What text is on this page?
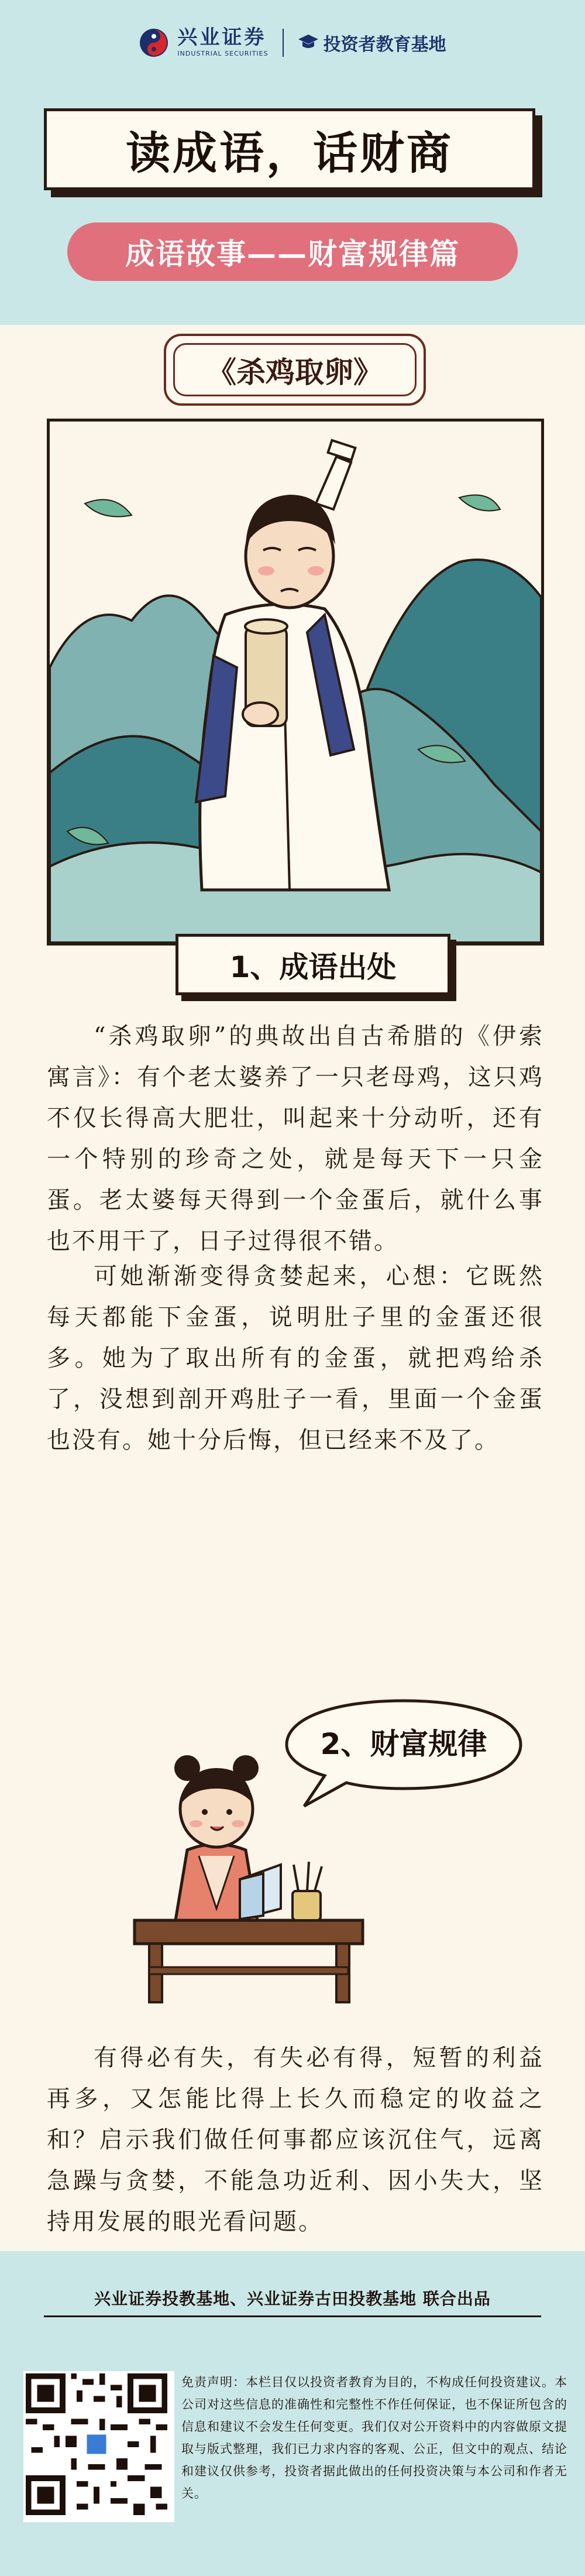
兴业证券
INDUSTRIAL SECURITIES	投资者教育基地
读成语，话财商
成语故事——财富规律篇
《杀鸡取卵》
1、成语出处
“杀鸡取卵”的典故出自古希腊的《伊索寓言》：有个老太婆养了一只老母鸡，这只鸡不仅长得高大肥壮，叫起来十分动听，还有一个特别的珍奇之处，就是每天下一只金蛋。老太婆每天得到一个金蛋后，就什么事也不用干了，日子过得很不错。
可她渐渐变得贪婪起来，心想：它既然每天都能下金蛋，说明肚子里的金蛋还很多。她为了取出所有的金蛋，就把鸡给杀了，没想到剖开鸡肚子一看，里面一个金蛋也没有。她十分后悔，但已经来不及了。
2、财富规律
有得必有失，有失必有得，短暂的利益再多，又怎能比得上长久而稳定的收益之和？启示我们做任何事都应该沉住气，远离急躁与贪婪，不能急功近利、因小失大，坚持用发展的眼光看问题。
兴业证券投教基地、兴业证券古田投教基地 联合出品
免责声明：本栏目仅以投资者教育为目的，不构成任何投资建议。本公司对这些信息的准确性和完整性不作任何保证，也不保证所包含的信息和建议不会发生任何变更。我们仅对公开资料中的内容做原文提取与版式整理，我们已力求内容的客观、公正，但文中的观点、结论和建议仅供参考，投资者据此做出的任何投资决策与本公司和作者无关。
